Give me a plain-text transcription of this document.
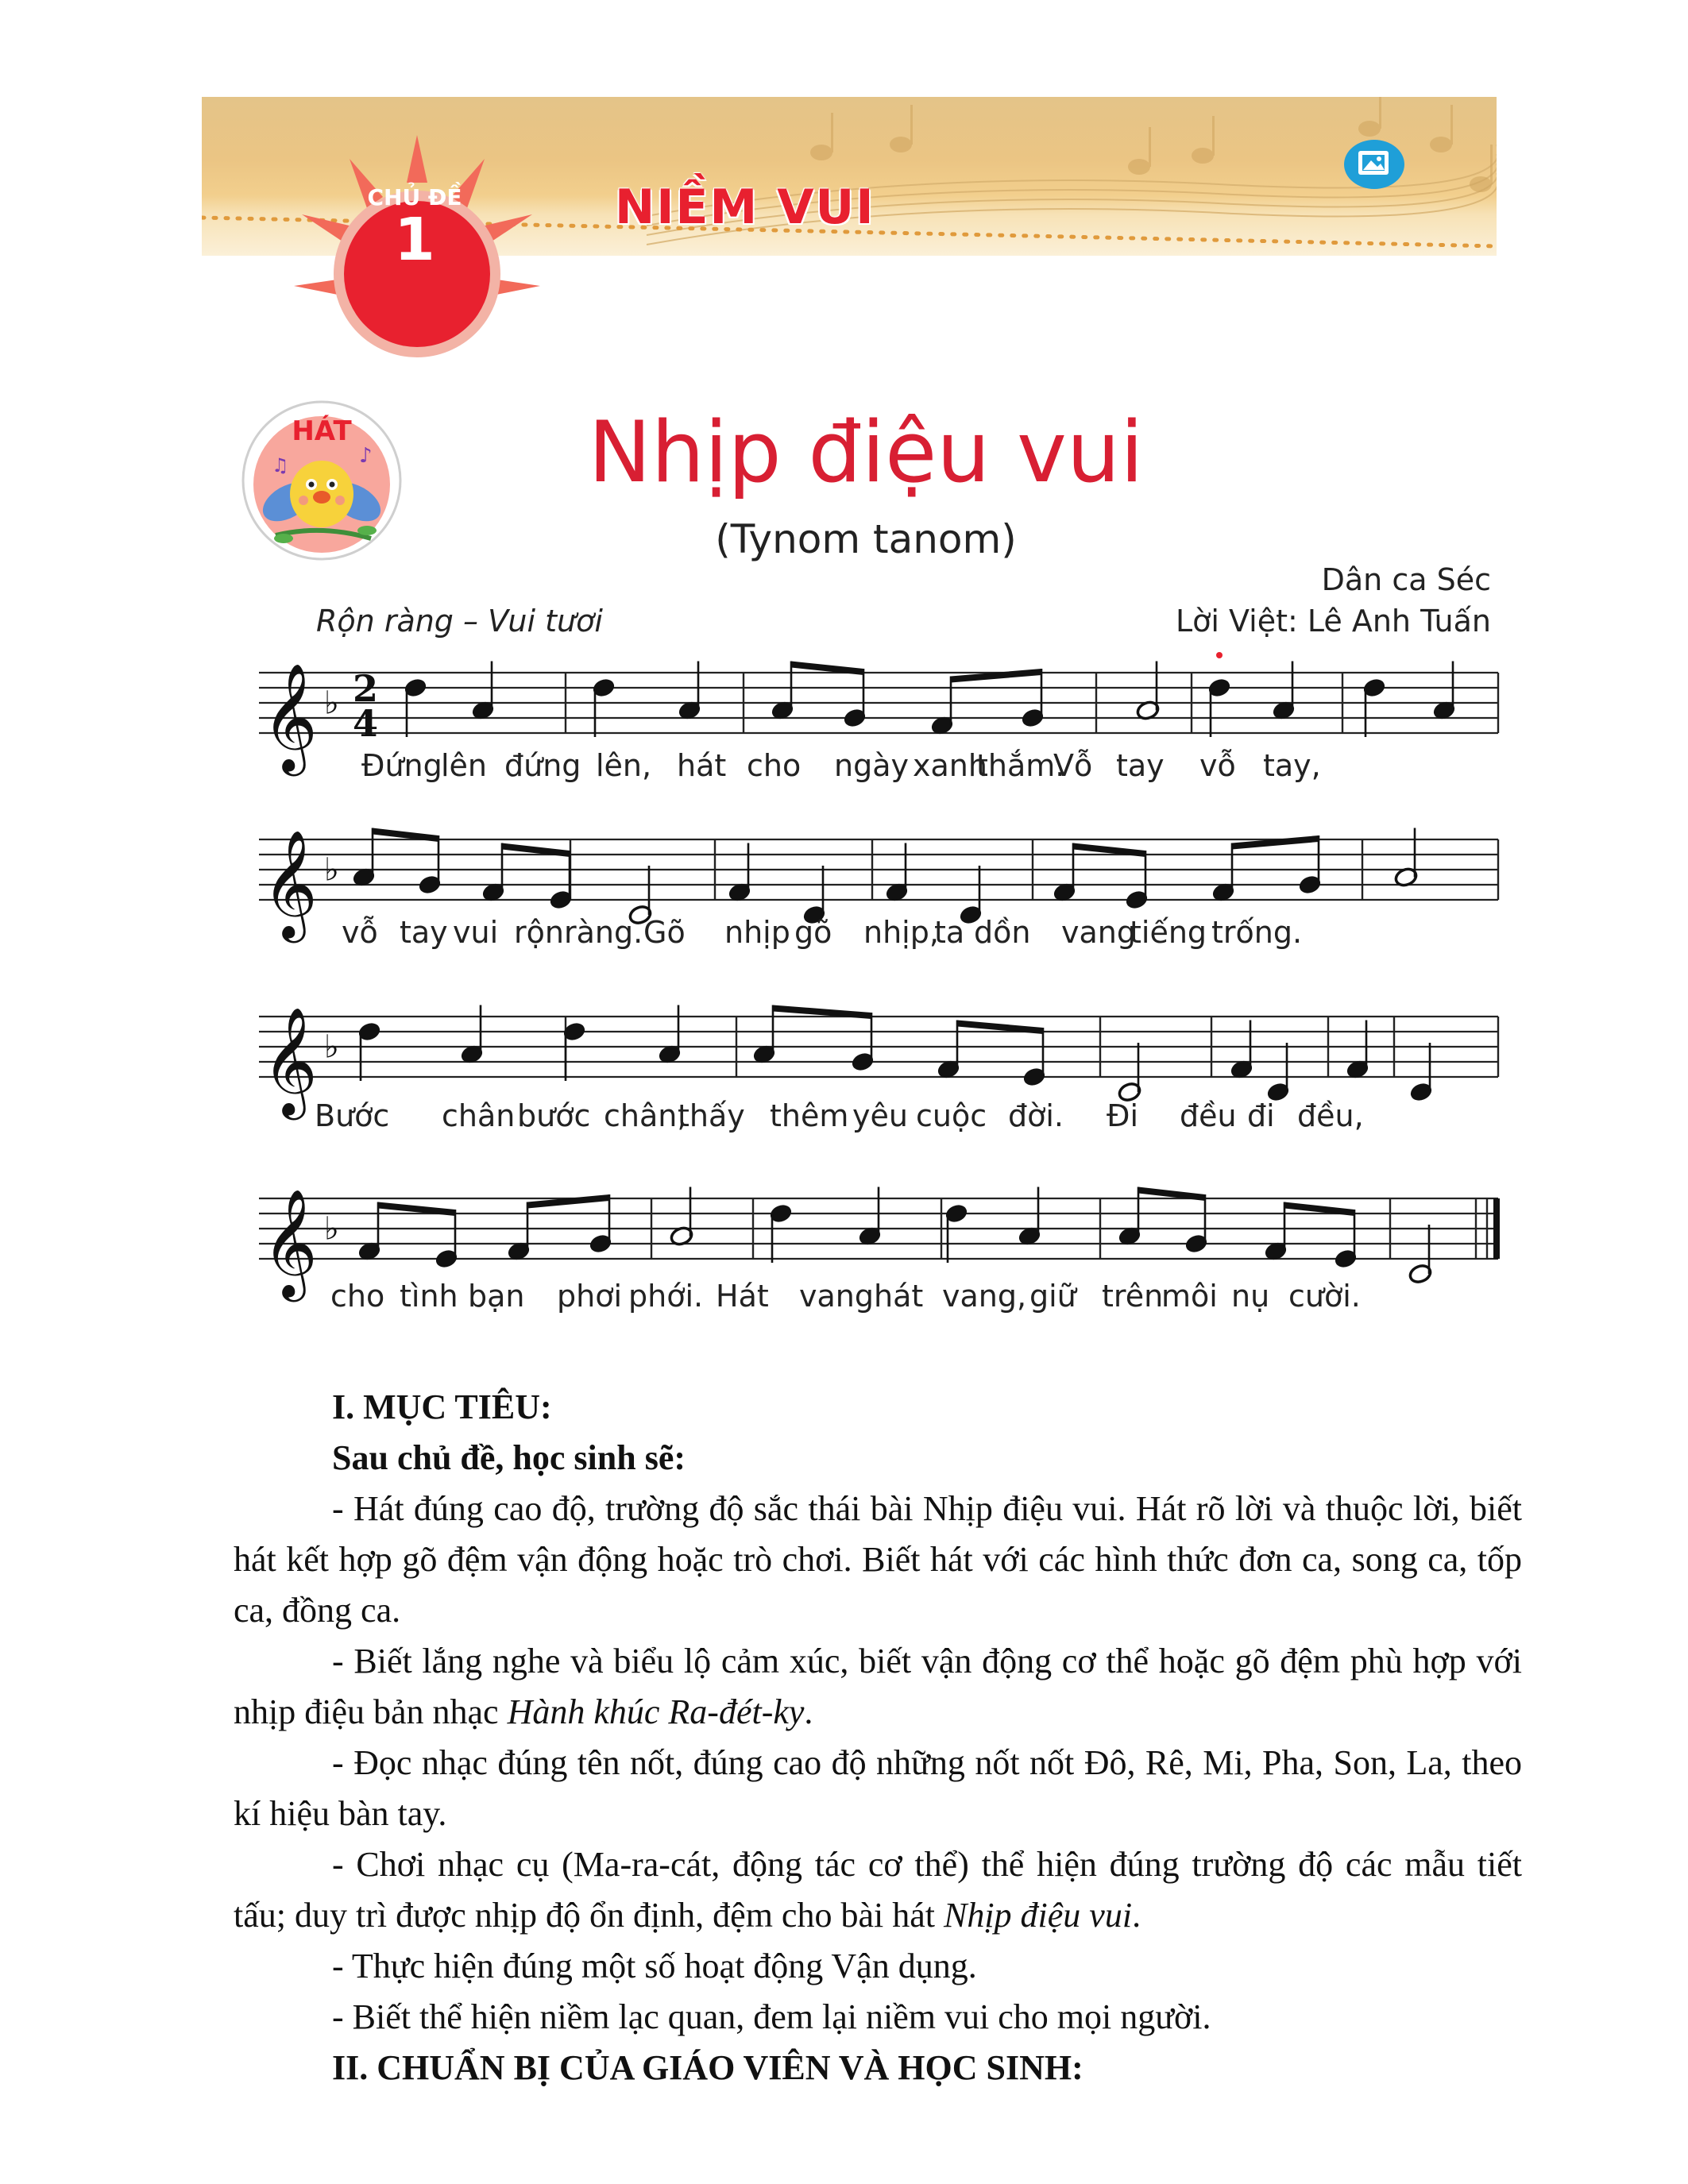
CHỦ ĐỀ
1	NIỀM VUI
♪
♫
HÁT	Nhịp điệu vui
(Tynom tanom)
Dân ca Séc
Lời Việt: Lê Anh Tuấn
Rộn ràng – Vui tươi
𝄞 ♭ 2
4
𝄞 ♭
𝄞 ♭
𝄞 ♭
Đứng
lên đứng lên, hát cho ngày xanh
thắm.
Vỗ tay vỗ tay,
vỗ tay vui rộn ràng. Gõ nhịp gõ nhịp,
ta dồn vang
tiếng trống.
Bước chân bước chân,
thấy thêm yêu cuộc đời. Đi đều đi đều,
cho tình bạn phơi phới. Hát vang hát vang, giữ trên
môi nụ cười.

I. MỤC TIÊU:

Sau chủ đề, học sinh sẽ:

- Hát đúng cao độ, trường độ sắc thái bài Nhịp điệu vui. Hát rõ lời và thuộc lời, biết hát kết hợp gõ đệm vận động hoặc trò chơi. Biết hát với các hình thức đơn ca, song ca, tốp ca, đồng ca.

- Biết lắng nghe và biểu lộ cảm xúc, biết vận động cơ thể hoặc gõ đệm phù hợp với nhịp điệu bản nhạc Hành khúc Ra-đét-ky.

- Đọc nhạc đúng tên nốt, đúng cao độ những nốt nốt Đô, Rê, Mi, Pha, Son, La, theo kí hiệu bàn tay.

- Chơi nhạc cụ (Ma-ra-cát, động tác cơ thể) thể hiện đúng trường độ các mẫu tiết tấu; duy trì được nhịp độ ổn định, đệm cho bài hát Nhịp điệu vui.

- Thực hiện đúng một số hoạt động Vận dụng.

- Biết thể hiện niềm lạc quan, đem lại niềm vui cho mọi người.

II. CHUẨN BỊ CỦA GIÁO VIÊN VÀ HỌC SINH:
